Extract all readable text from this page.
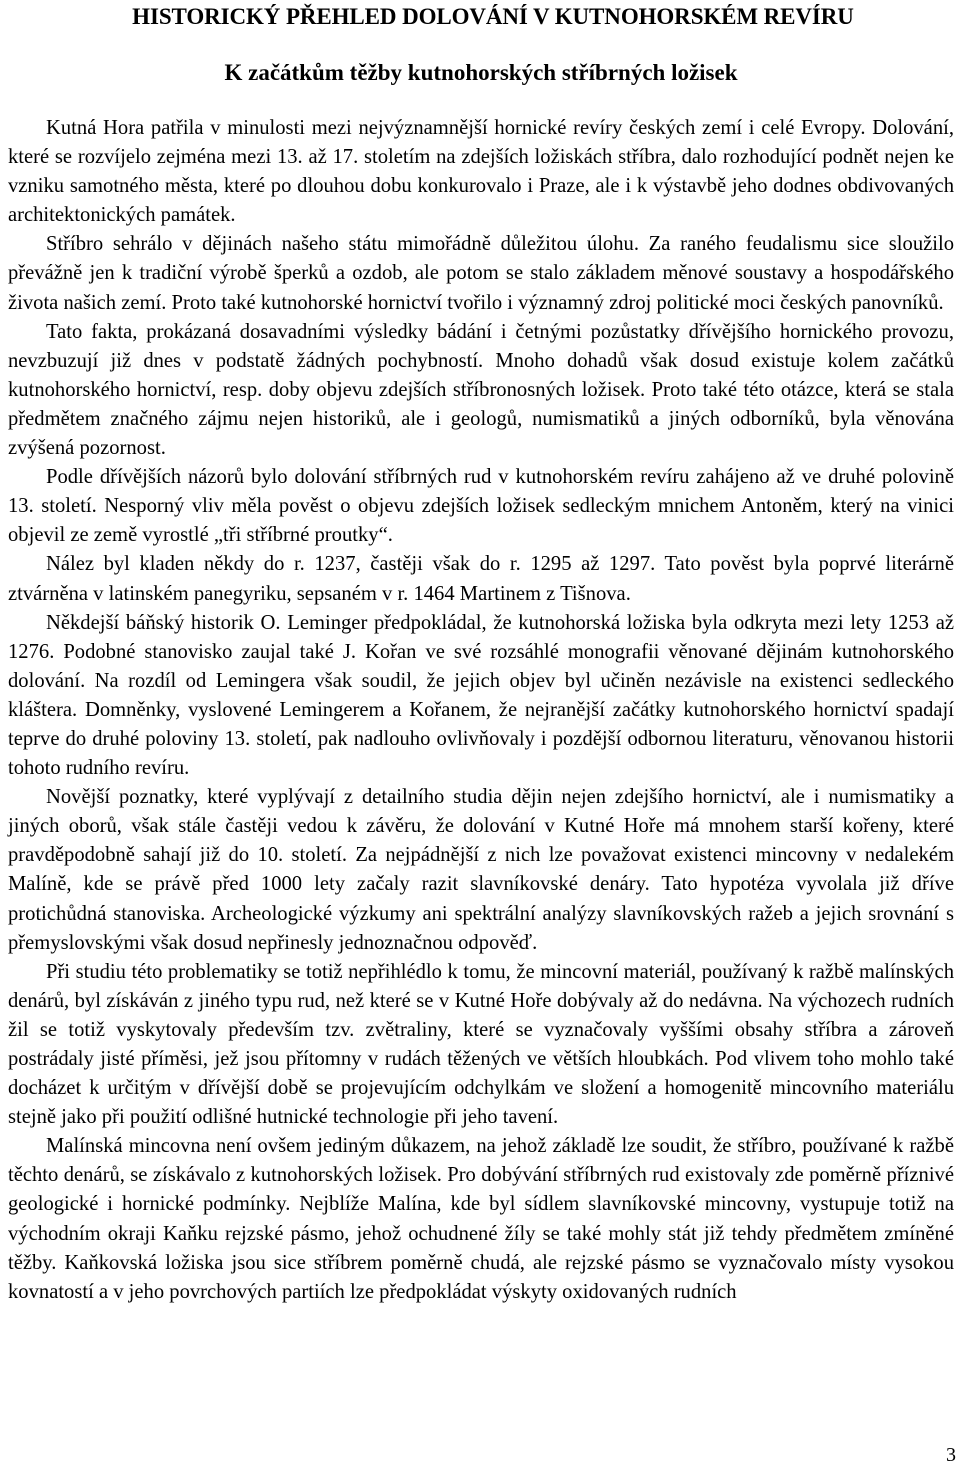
HISTORICKÝ PŘEHLED DOLOVÁNÍ V KUTNOHORSKÉM REVÍRU
K začátkům těžby kutnohorských stříbrných ložisek

Kutná Hora patřila v minulosti mezi nejvýznamnější hornické revíry českých zemí i celé Evropy. Dolování, které se rozvíjelo zejména mezi 13. až 17. stoletím na zdejších ložiskách stříbra, dalo rozhodující podnět nejen ke vzniku samotného města, které po dlouhou dobu konkurovalo i Praze, ale i k výstavbě jeho dodnes obdivovaných architektonických památek.

Stříbro sehrálo v dějinách našeho státu mimořádně důležitou úlohu. Za raného feudalismu sice sloužilo převážně jen k tradiční výrobě šperků a ozdob, ale potom se stalo základem měnové soustavy a hospodářského života našich zemí. Proto také kutnohorské hornictví tvořilo i významný zdroj politické moci českých panovníků.

Tato fakta, prokázaná dosavadními výsledky bádání i četnými pozůstatky dřívějšího hornického provozu, nevzbuzují již dnes v podstatě žádných pochybností. Mnoho dohadů však dosud existuje kolem začátků kutnohorského hornictví, resp. doby objevu zdejších stříbronosných ložisek. Proto také této otázce, která se stala předmětem značného zájmu nejen historiků, ale i geologů, numismatiků a jiných odborníků, byla věnována zvýšená pozornost.

Podle dřívějších názorů bylo dolování stříbrných rud v kutnohorském revíru zahájeno až ve druhé polovině 13. století. Nesporný vliv měla pověst o objevu zdejších ložisek sedleckým mnichem Antoněm, který na vinici objevil ze země vyrostlé „tři stříbrné proutky“.

Nález byl kladen někdy do r. 1237, častěji však do r. 1295 až 1297. Tato pověst byla poprvé literárně ztvárněna v latinském panegyriku, sepsaném v r. 1464 Martinem z Tišnova.

Někdejší báňský historik O. Leminger předpokládal, že kutnohorská ložiska byla odkryta mezi lety 1253 až 1276. Podobné stanovisko zaujal také J. Kořan ve své rozsáhlé monografii věnované dějinám kutnohorského dolování. Na rozdíl od Lemingera však soudil, že jejich objev byl učiněn nezávisle na existenci sedleckého kláštera. Domněnky, vyslovené Lemingerem a Kořanem, že nejranější začátky kutnohorského hornictví spadají teprve do druhé poloviny 13. století, pak nadlouho ovlivňovaly i pozdější odbornou literaturu, věnovanou historii tohoto rudního revíru.

Novější poznatky, které vyplývají z detailního studia dějin nejen zdejšího hornictví, ale i numismatiky a jiných oborů, však stále častěji vedou k závěru, že dolování v Kutné Hoře má mnohem starší kořeny, které pravděpodobně sahají již do 10. století. Za nejpádnější z nich lze považovat existenci mincovny v nedalekém Malíně, kde se právě před 1000 lety začaly razit slavníkovské denáry. Tato hypotéza vyvolala již dříve protichůdná stanoviska. Archeologické výzkumy ani spektrální analýzy slavníkovských ražeb a jejich srovnání s přemyslovskými však dosud nepřinesly jednoznačnou odpověď.

Při studiu této problematiky se totiž nepřihlédlo k tomu, že mincovní materiál, používaný k ražbě malínských denárů, byl získáván z jiného typu rud, než které se v Kutné Hoře dobývaly až do nedávna. Na výchozech rudních žil se totiž vyskytovaly především tzv. zvětraliny, které se vyznačovaly vyššími obsahy stříbra a zároveň postrádaly jisté příměsi, jež jsou přítomny v rudách těžených ve větších hloubkách. Pod vlivem toho mohlo také docházet k určitým v dřívější době se projevujícím odchylkám ve složení a homogenitě mincovního materiálu stejně jako při použití odlišné hutnické technologie při jeho tavení.

Malínská mincovna není ovšem jediným důkazem, na jehož základě lze soudit, že stříbro, používané k ražbě těchto denárů, se získávalo z kutnohorských ložisek. Pro dobývání stříbrných rud existovaly zde poměrně příznivé geologické i hornické podmínky. Nejblíže Malína, kde byl sídlem slavníkovské mincovny, vystupuje totiž na východním okraji Kaňku rejzské pásmo, jehož ochudnené žíly se také mohly stát již tehdy předmětem zmíněné těžby. Kaňkovská ložiska jsou sice stříbrem poměrně chudá, ale rejzské pásmo se vyznačovalo místy vysokou kovnatostí a v jeho povrchových partiích lze předpokládat výskyty oxidovaných rudních

3
